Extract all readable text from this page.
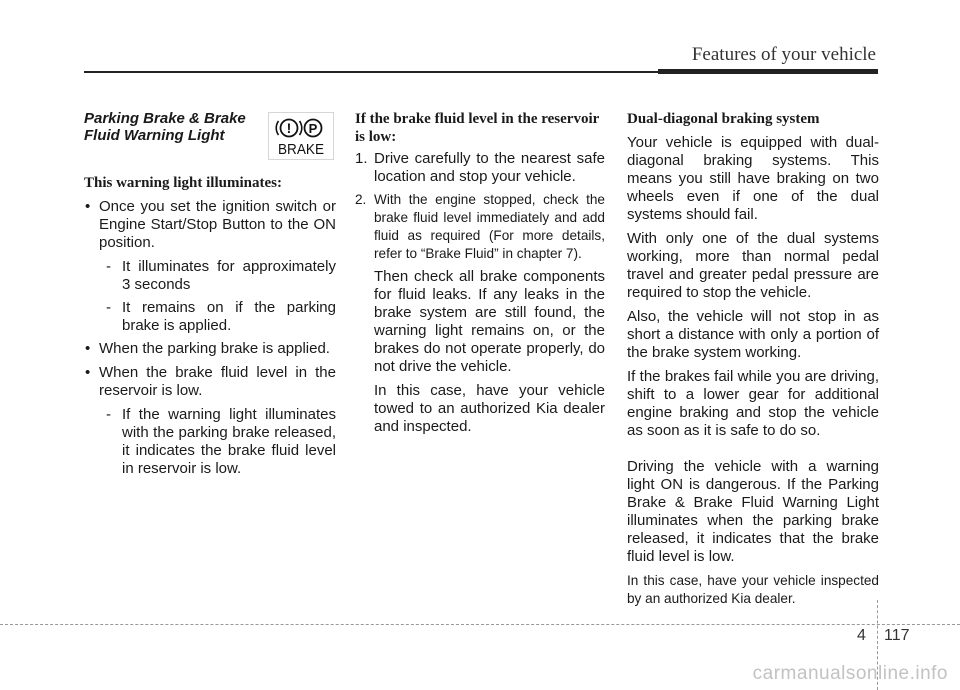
Features of your vehicle
Parking Brake & Brake Fluid Warning Light
This warning light illuminates:
• Once you set the ignition switch or Engine Start/Stop Button to the ON position.
- It illuminates for approximately 3 seconds
- It remains on if the parking brake is applied.
• When the parking brake is applied.
• When the brake fluid level in the reservoir is low.
- If the warning light illuminates with the parking brake released, it indicates the brake fluid level in reservoir is low.
! P
BRAKE
If the brake fluid level in the reservoir is low:
1. Drive carefully to the nearest safe location and stop your vehicle.
2. With the engine stopped, check the brake fluid level immediately and add fluid as required (For more details, refer to “Brake Fluid” in chapter 7).

Then check all brake components for fluid leaks. If any leaks in the brake system are still found, the warning light remains on, or the brakes do not operate properly, do not drive the vehicle.

In this case, have your vehicle towed to an authorized Kia dealer and inspected.

Dual-diagonal braking system

Your vehicle is equipped with dual-diagonal braking systems. This means you still have braking on two wheels even if one of the dual systems should fail.

With only one of the dual systems working, more than normal pedal travel and greater pedal pressure are required to stop the vehicle.

Also, the vehicle will not stop in as short a distance with only a portion of the brake system working.

If the brakes fail while you are driving, shift to a lower gear for additional engine braking and stop the vehicle as soon as it is safe to do so.

Driving the vehicle with a warning light ON is dangerous. If the Parking Brake & Brake Fluid Warning Light illuminates when the parking brake released, it indicates that the brake fluid level is low.

In this case, have your vehicle inspected by an authorized Kia dealer.

4 117
carmanualsonline.info
